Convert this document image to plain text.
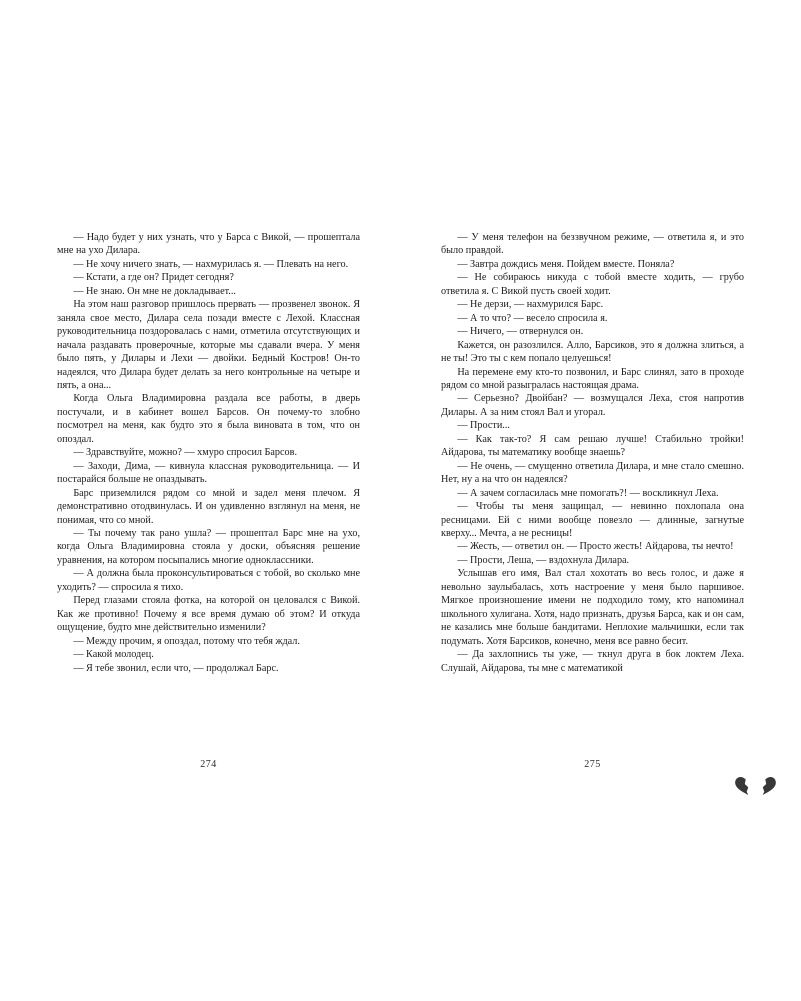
— Надо будет у них узнать, что у Барса с Викой, — прошептала мне на ухо Дилара.

— Не хочу ничего знать, — нахмурилась я. — Плевать на него.

— Кстати, а где он? Придет сегодня?

— Не знаю. Он мне не докладывает...

На этом наш разговор пришлось прервать — прозвенел звонок. Я заняла свое место, Дилара села позади вместе с Лехой. Классная руководительница поздоровалась с нами, отметила отсутствующих и начала раздавать проверочные, которые мы сдавали вчера. У меня было пять, у Дилары и Лехи — двойки. Бедный Костров! Он-то надеялся, что Дилара будет делать за него контрольные на четыре и пять, а она...

Когда Ольга Владимировна раздала все работы, в дверь постучали, и в кабинет вошел Барсов. Он почему-то злобно посмотрел на меня, как будто это я была виновата в том, что он опоздал.

— Здравствуйте, можно? — хмуро спросил Барсов.

— Заходи, Дима, — кивнула классная руководительница. — И постарайся больше не опаздывать.

Барс приземлился рядом со мной и задел меня плечом. Я демонстративно отодвинулась. И он удивленно взглянул на меня, не понимая, что со мной.

— Ты почему так рано ушла? — прошептал Барс мне на ухо, когда Ольга Владимировна стояла у доски, объясняя решение уравнения, на котором посыпались многие одноклассники.

— А должна была проконсультироваться с тобой, во сколько мне уходить? — спросила я тихо.

Перед глазами стояла фотка, на которой он целовался с Викой. Как же противно! Почему я все время думаю об этом? И откуда ощущение, будто мне действительно изменили?

— Между прочим, я опоздал, потому что тебя ждал.

— Какой молодец.

— Я тебе звонил, если что, — продолжал Барс.

— У меня телефон на беззвучном режиме, — ответила я, и это было правдой.

— Завтра дождись меня. Пойдем вместе. Поняла?

— Не собираюсь никуда с тобой вместе ходить, — грубо ответила я. С Викой пусть своей ходит.

— Не дерзи, — нахмурился Барс.

— А то что? — весело спросила я.

— Ничего, — отвернулся он.

Кажется, он разозлился. Алло, Барсиков, это я должна злиться, а не ты! Это ты с кем попало целуешься!

На перемене ему кто-то позвонил, и Барс слинял, зато в проходе рядом со мной разыгралась настоящая драма.

— Серьезно? Двойбан? — возмущался Леха, стоя напротив Дилары. А за ним стоял Вал и угорал.

— Прости...

— Как так-то? Я сам решаю лучше! Стабильно тройки! Айдарова, ты математику вообще знаешь?

— Не очень, — смущенно ответила Дилара, и мне стало смешно. Нет, ну а на что он надеялся?

— А зачем согласилась мне помогать?! — воскликнул Леха.

— Чтобы ты меня защищал, — невинно похлопала она ресницами. Ей с ними вообще повезло — длинные, загнутые кверху... Мечта, а не ресницы!

— Жесть, — ответил он. — Просто жесть! Айдарова, ты нечто!

— Прости, Леша, — вздохнула Дилара.

Услышав его имя, Вал стал хохотать во весь голос, и даже я невольно заулыбалась, хоть настроение у меня было паршивое. Мягкое произношение имени не подходило тому, кто напоминал школьного хулигана. Хотя, надо признать, друзья Барса, как и он сам, не казались мне больше бандитами. Неплохие мальчишки, если так подумать. Хотя Барсиков, конечно, меня все равно бесит.

— Да захлопнись ты уже, — ткнул друга в бок локтем Леха. Слушай, Айдарова, ты мне с математикой

274	275
